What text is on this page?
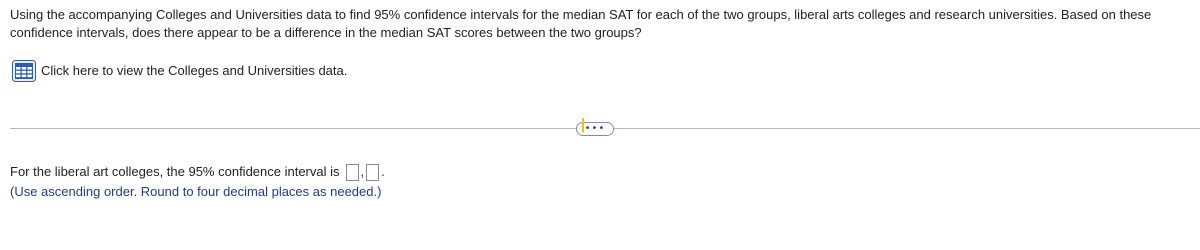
Using the accompanying Colleges and Universities data to find 95% confidence intervals for the median SAT for each of the two groups, liberal arts colleges and research universities. Based on these confidence intervals, does there appear to be a difference in the median SAT scores between the two groups?
Click here to view the Colleges and Universities data.
•••
For the liberal art colleges, the 95% confidence interval is , .
(Use ascending order. Round to four decimal places as needed.)
